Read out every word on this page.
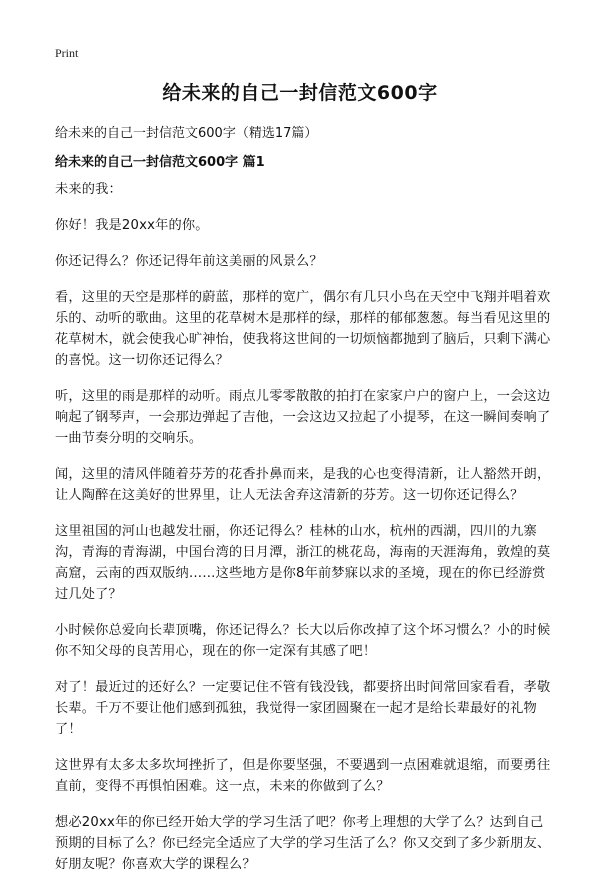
Print
给未来的自己一封信范文600字
给未来的自己一封信范文600字（精选17篇）
给未来的自己一封信范文600字 篇1

未来的我：

你好！我是20xx年的你。

你还记得么？你还记得年前这美丽的风景么？

看，这里的天空是那样的蔚蓝，那样的宽广，偶尔有几只小鸟在天空中飞翔并唱着欢乐的、动听的歌曲。这里的花草树木是那样的绿，那样的郁郁葱葱。每当看见这里的花草树木，就会使我心旷神怡，使我将这世间的一切烦恼都抛到了脑后，只剩下满心的喜悦。这一切你还记得么？

听，这里的雨是那样的动听。雨点儿零零散散的拍打在家家户户的窗户上，一会这边响起了钢琴声，一会那边弹起了吉他，一会这边又拉起了小提琴，在这一瞬间奏响了一曲节奏分明的交响乐。

闻，这里的清风伴随着芬芳的花香扑鼻而来，是我的心也变得清新，让人豁然开朗，让人陶醉在这美好的世界里，让人无法舍弃这清新的芬芳。这一切你还记得么？

这里祖国的河山也越发壮丽，你还记得么？桂林的山水，杭州的西湖，四川的九寨沟，青海的青海湖，中国台湾的日月潭，浙江的桃花岛，海南的天涯海角，敦煌的莫高窟，云南的西双版纳……这些地方是你8年前梦寐以求的圣境，现在的你已经游赏过几处了？

小时候你总爱向长辈顶嘴，你还记得么？长大以后你改掉了这个坏习惯么？小的时候你不知父母的良苦用心，现在的你一定深有其感了吧！

对了！最近过的还好么？一定要记住不管有钱没钱，都要挤出时间常回家看看，孝敬长辈。千万不要让他们感到孤独，我觉得一家团圆聚在一起才是给长辈最好的礼物了！

这世界有太多太多坎坷挫折了，但是你要坚强，不要遇到一点困难就退缩，而要勇往直前，变得不再惧怕困难。这一点，未来的你做到了么？

想必20xx年的你已经开始大学的学习生活了吧？你考上理想的大学了么？达到自己预期的目标了么？你已经完全适应了大学的学习生活了么？你又交到了多少新朋友、好朋友呢？你喜欢大学的课程么？
